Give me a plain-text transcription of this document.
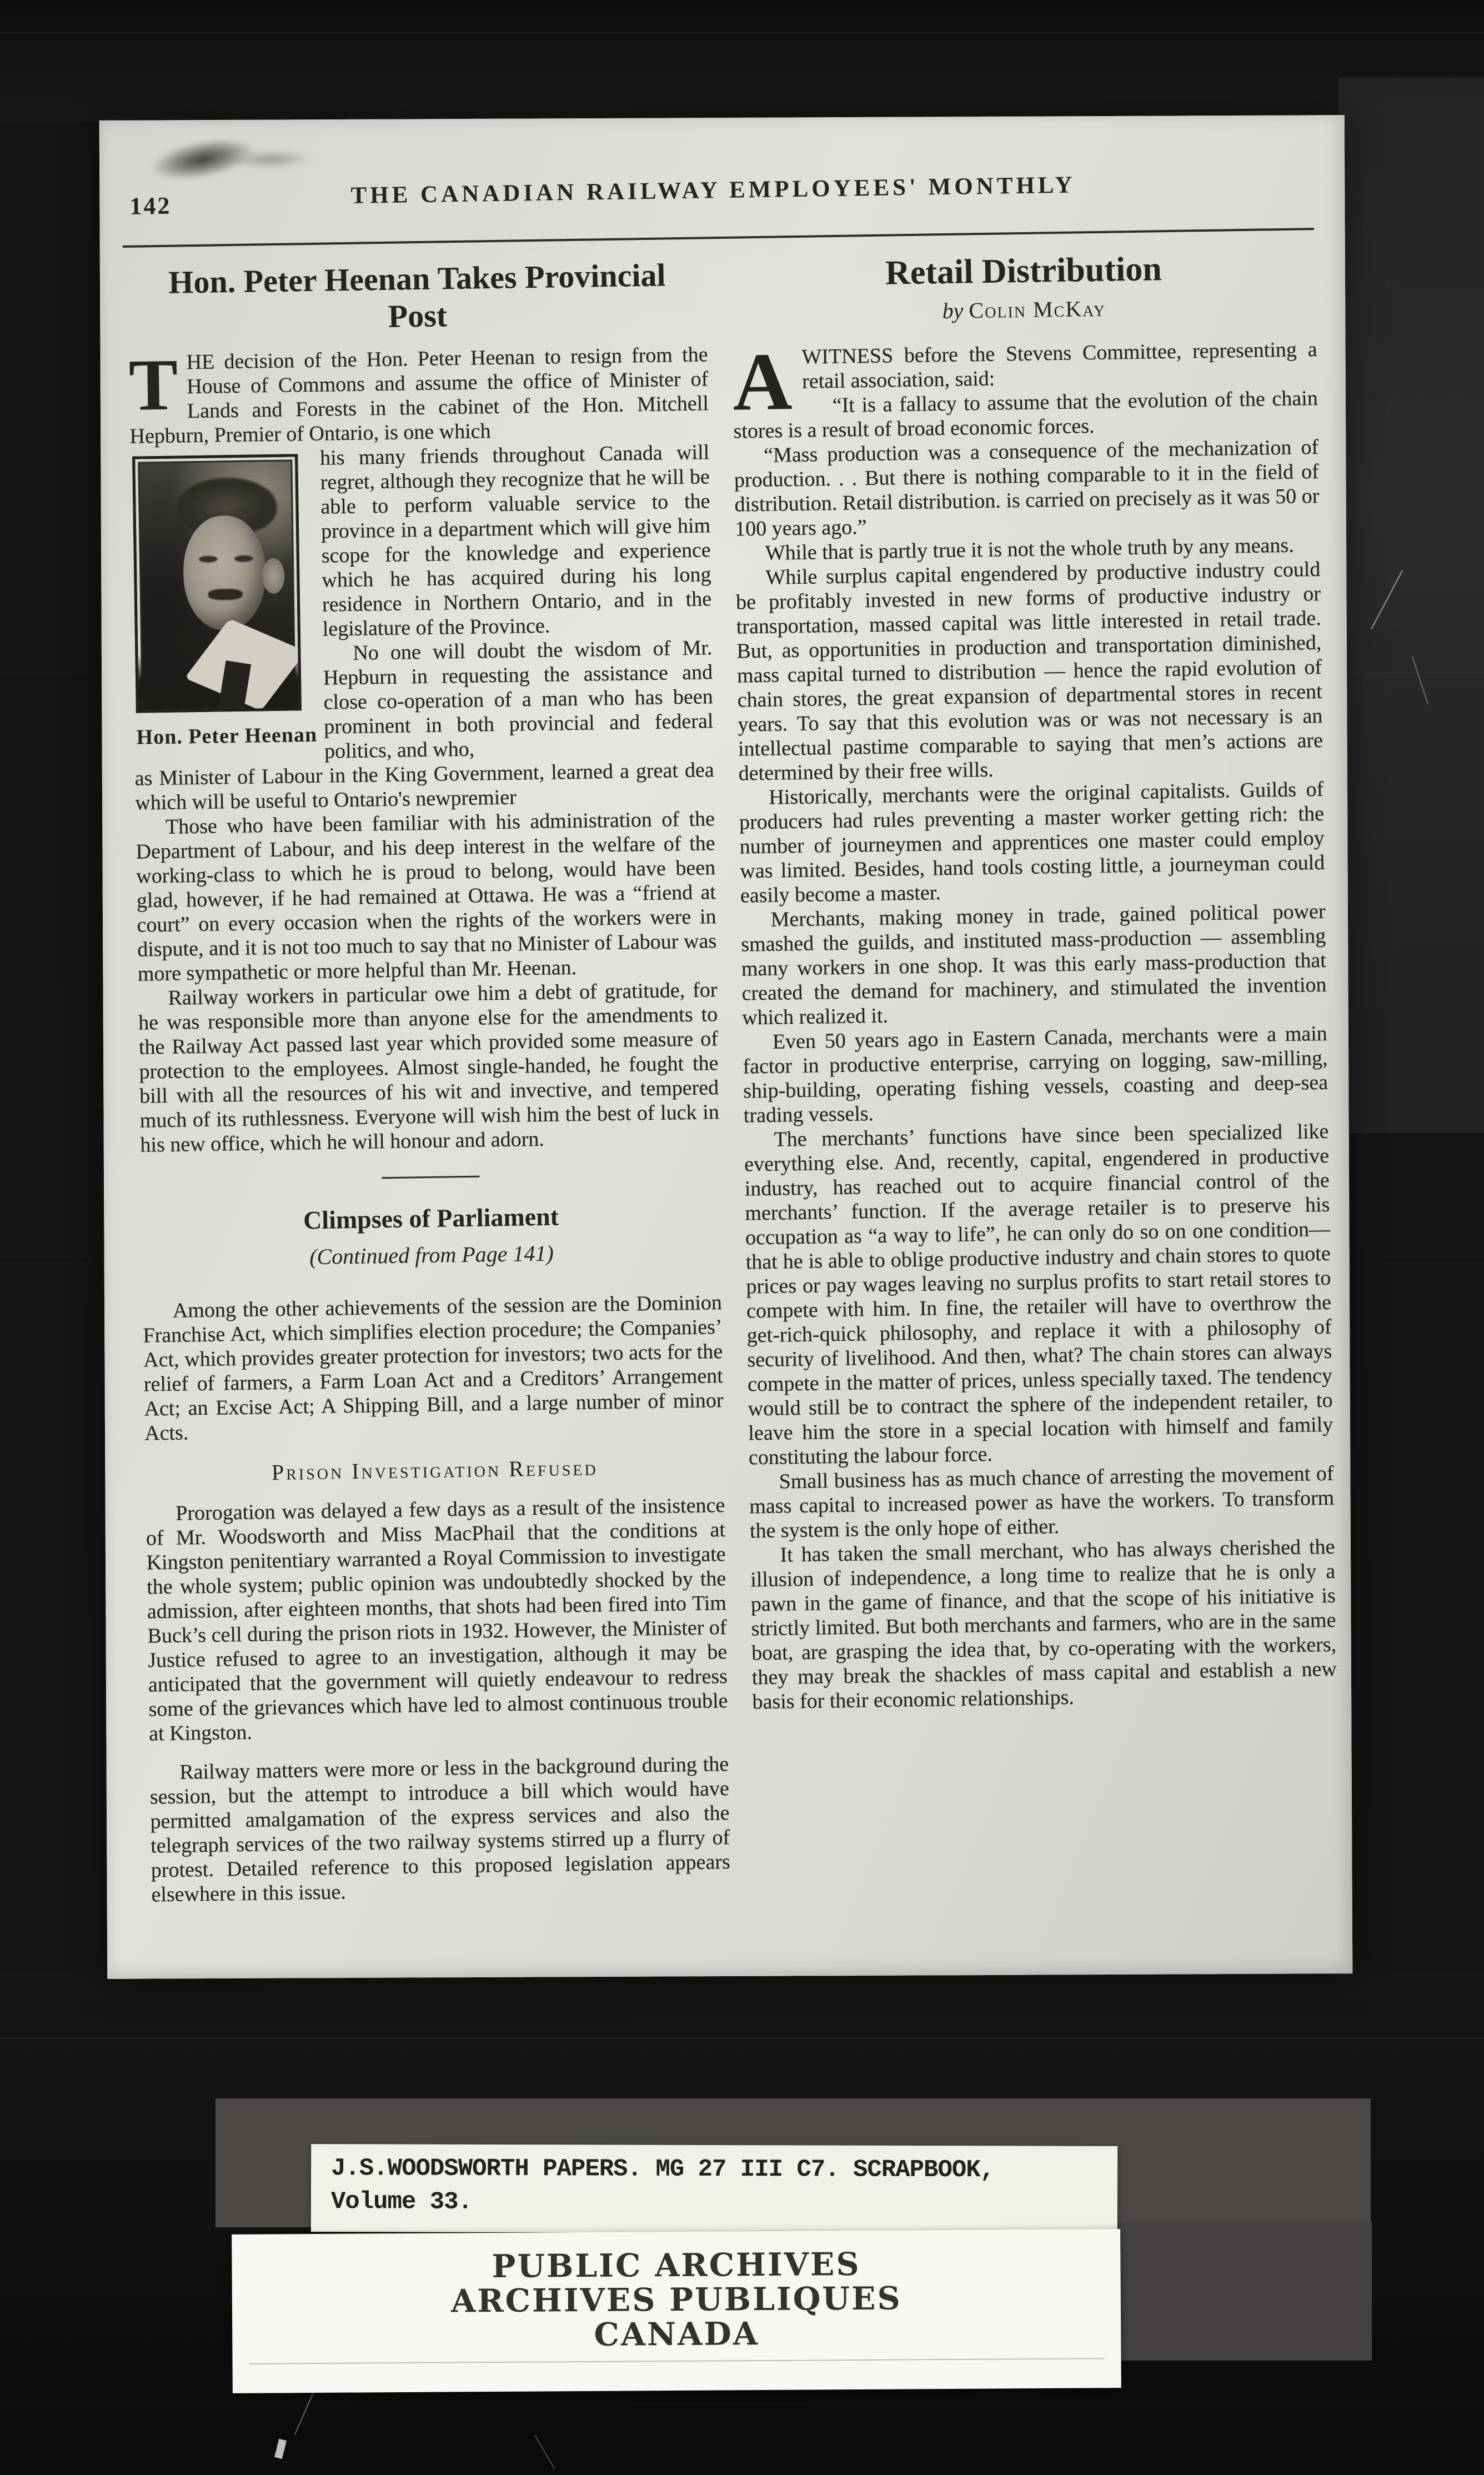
142	THE CANADIAN RAILWAY EMPLOYEES' MONTHLY
Hon. Peter Heenan Takes Provincial
Post

T HE decision of the Hon. Peter Heenan to resign from the House of Commons and assume the office of Minister of Lands and Forests in the cabinet of the Hon. Mitchell Hepburn, Premier of Ontario, is one which

Hon. Peter Heenan

his many friends throughout Canada will regret, although they recognize that he will be able to perform valuable service to the province in a department which will give him scope for the knowledge and experience which he has acquired during his long residence in Northern Ontario, and in the legislature of the Province.

No one will doubt the wisdom of Mr. Hepburn in requesting the assistance and close co-operation of a man who has been prominent in both provincial and federal politics, and who,

as Minister of Labour in the King Government, learned a great dea which will be useful to Ontario's newpremier

Those who have been familiar with his administration of the Department of Labour, and his deep interest in the welfare of the working-class to which he is proud to belong, would have been glad, however, if he had remained at Ottawa. He was a “friend at court” on every occasion when the rights of the workers were in dispute, and it is not too much to say that no Minister of Labour was more sympathetic or more helpful than Mr. Heenan.

Railway workers in particular owe him a debt of gratitude, for he was responsible more than anyone else for the amendments to the Railway Act passed last year which provided some measure of protection to the employees. Almost single-handed, he fought the bill with all the resources of his wit and invective, and tempered much of its ruthlessness. Everyone will wish him the best of luck in his new office, which he will honour and adorn.

Climpses of Parliament
(Continued from Page 141)

Among the other achievements of the session are the Dominion Franchise Act, which simplifies election procedure; the Companies’ Act, which provides greater protection for investors; two acts for the relief of farmers, a Farm Loan Act and a Creditors’ Arrangement Act; an Excise Act; A Shipping Bill, and a large number of minor Acts.

Prison Investigation Refused

Prorogation was delayed a few days as a result of the insistence of Mr. Woodsworth and Miss MacPhail that the conditions at Kingston penitentiary warranted a Royal Commission to investigate the whole system; public opinion was undoubtedly shocked by the admission, after eighteen months, that shots had been fired into Tim Buck’s cell during the prison riots in 1932. However, the Minister of Justice refused to agree to an investigation, although it may be anticipated that the government will quietly endeavour to redress some of the grievances which have led to almost continuous trouble at Kingston.

Railway matters were more or less in the background during the session, but the attempt to introduce a bill which would have permitted amalgamation of the express services and also the telegraph services of the two railway systems stirred up a flurry of protest. Detailed reference to this proposed legislation appears elsewhere in this issue.

Retail Distribution
by Colin McKay
A WITNESS before the Stevens Committee, representing a retail association, said:

“It is a fallacy to assume that the evolution of the chain stores is a result of broad economic forces.

“Mass production was a consequence of the mechanization of production. . . But there is nothing comparable to it in the field of distribution. Retail distribution. is carried on precisely as it was 50 or 100 years ago.”

While that is partly true it is not the whole truth by any means.

While surplus capital engendered by productive industry could be profitably invested in new forms of productive industry or transportation, massed capital was little interested in retail trade. But, as opportunities in production and transportation diminished, mass capital turned to distribution — hence the rapid evolution of chain stores, the great expansion of departmental stores in recent years. To say that this evolution was or was not necessary is an intellectual pastime comparable to saying that men’s actions are determined by their free wills.

Historically, merchants were the original capitalists. Guilds of producers had rules preventing a master worker getting rich: the number of journeymen and apprentices one master could employ was limited. Besides, hand tools costing little, a journeyman could easily become a master.

Merchants, making money in trade, gained political power smashed the guilds, and instituted mass-production — assembling many workers in one shop. It was this early mass-production that created the demand for machinery, and stimulated the invention which realized it.

Even 50 years ago in Eastern Canada, merchants were a main factor in productive enterprise, carrying on logging, saw-milling, ship-building, operating fishing vessels, coasting and deep-sea trading vessels.

The merchants’ functions have since been specialized like everything else. And, recently, capital, engendered in productive industry, has reached out to acquire financial control of the merchants’ function. If the average retailer is to preserve his occupation as “a way to life”, he can only do so on one condition—that he is able to oblige productive industry and chain stores to quote prices or pay wages leaving no surplus profits to start retail stores to compete with him. In fine, the retailer will have to overthrow the get-rich-quick philosophy, and replace it with a philosophy of security of livelihood. And then, what? The chain stores can always compete in the matter of prices, unless specially taxed. The tendency would still be to contract the sphere of the independent retailer, to leave him the store in a special location with himself and family constituting the labour force.

Small business has as much chance of arresting the movement of mass capital to increased power as have the workers. To transform the system is the only hope of either.

It has taken the small merchant, who has always cherished the illusion of independence, a long time to realize that he is only a pawn in the game of finance, and that the scope of his initiative is strictly limited. But both merchants and farmers, who are in the same boat, are grasping the idea that, by co-operating with the workers, they may break the shackles of mass capital and establish a new basis for their economic relationships.

J.S.WOODSWORTH PAPERS. MG 27 III C7. SCRAPBOOK,
Volume 33.
PUBLIC ARCHIVES
ARCHIVES PUBLIQUES
CANADA
